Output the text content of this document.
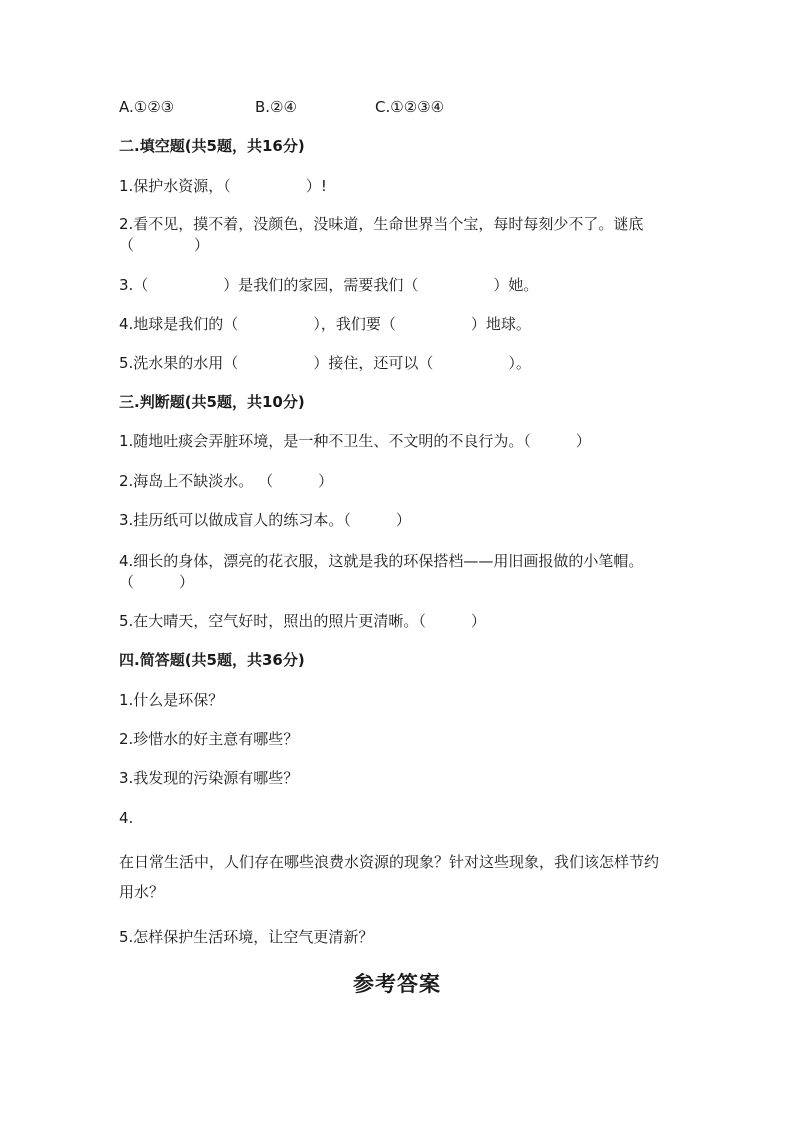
A.①②③	B.②④	C.①②③④
二.填空题(共5题，共16分)
1.保护水资源，（　　　　　）!
2.看不见，摸不着，没颜色，没味道，生命世界当个宝，每时每刻少不了。谜底（　　　　）
3.（　　　　　）是我们的家园，需要我们（　　　　　）她。
4.地球是我们的（　　　　　），我们要（　　　　　）地球。
5.洗水果的水用（　　　　　）接住，还可以（　　　　　）。
三.判断题(共5题，共10分)
1.随地吐痰会弄脏环境，是一种不卫生、不文明的不良行为。（　　　）
2.海岛上不缺淡水。 （　　　）
3.挂历纸可以做成盲人的练习本。（　　　）
4.细长的身体，漂亮的花衣服，这就是我的环保搭档——用旧画报做的小笔帽。（　　　）
5.在大晴天，空气好时，照出的照片更清晰。（　　　）
四.简答题(共5题，共36分)
1.什么是环保？
2.珍惜水的好主意有哪些？
3.我发现的污染源有哪些？
4.
在日常生活中，人们存在哪些浪费水资源的现象？针对这些现象，我们该怎样节约用水？
5.怎样保护生活环境，让空气更清新？
参考答案
